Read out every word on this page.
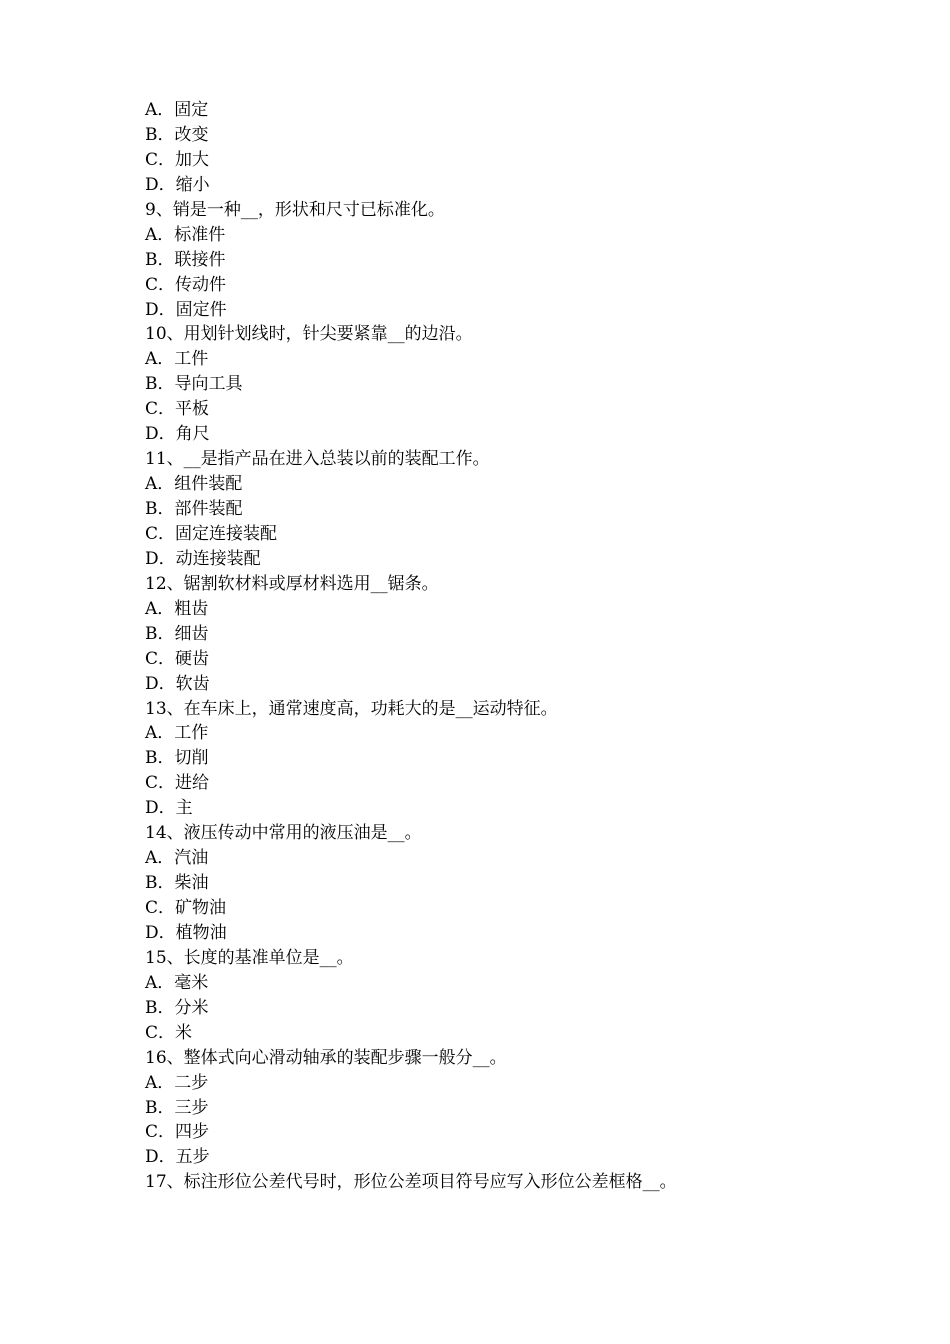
A．固定
B．改变
C．加大
D．缩小
9、销是一种__，形状和尺寸已标准化。
A．标准件
B．联接件
C．传动件
D．固定件
10、用划针划线时，针尖要紧靠__的边沿。
A．工件
B．导向工具
C．平板
D．角尺
11、__是指产品在进入总装以前的装配工作。
A．组件装配
B．部件装配
C．固定连接装配
D．动连接装配
12、锯割软材料或厚材料选用__锯条。
A．粗齿
B．细齿
C．硬齿
D．软齿
13、在车床上，通常速度高，功耗大的是__运动特征。
A．工作
B．切削
C．进给
D．主
14、液压传动中常用的液压油是__。
A．汽油
B．柴油
C．矿物油
D．植物油
15、长度的基准单位是__。
A．毫米
B．分米
C．米
16、整体式向心滑动轴承的装配步骤一般分__。
A．二步
B．三步
C．四步
D．五步
17、标注形位公差代号时，形位公差项目符号应写入形位公差框格__。
